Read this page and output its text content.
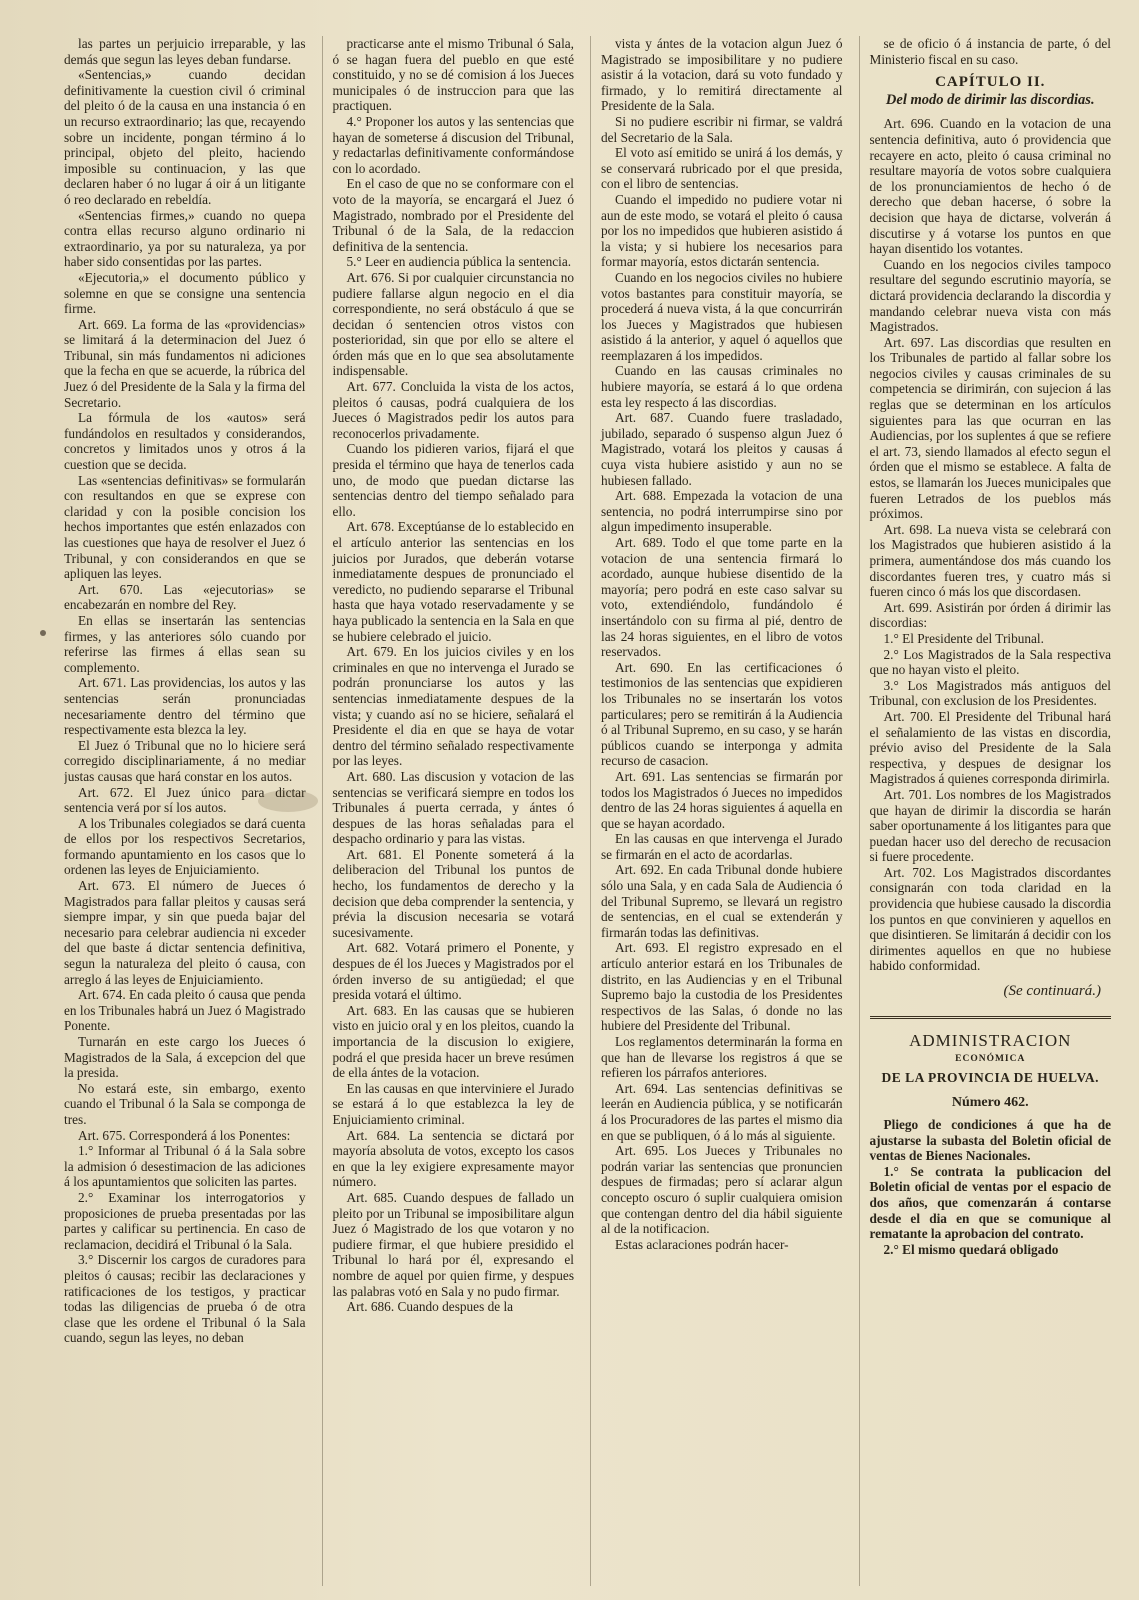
las partes un perjuicio irreparable, y las demás que segun las leyes deban fundarse.

«Sentencias,» cuando decidan definitivamente la cuestion civil ó criminal del pleito ó de la causa en una instancia ó en un recurso extraordinario; las que, recayendo sobre un incidente, pongan término á lo principal, objeto del pleito, haciendo imposible su continuacion, y las que declaren haber ó no lugar á oir á un litigante ó reo declarado en rebeldía.

«Sentencias firmes,» cuando no quepa contra ellas recurso alguno ordinario ni extraordinario, ya por su naturaleza, ya por haber sido consentidas por las partes.

«Ejecutoria,» el documento público y solemne en que se consigne una sentencia firme.

Art. 669. La forma de las «providencias» se limitará á la determinacion del Juez ó Tribunal, sin más fundamentos ni adiciones que la fecha en que se acuerde, la rúbrica del Juez ó del Presidente de la Sala y la firma del Secretario.

La fórmula de los «autos» será fundándolos en resultados y considerandos, concretos y limitados unos y otros á la cuestion que se decida.

Las «sentencias definitivas» se formularán con resultandos en que se exprese con claridad y con la posible concision los hechos importantes que estén enlazados con las cuestiones que haya de resolver el Juez ó Tribunal, y con considerandos en que se apliquen las leyes.

Art. 670. Las «ejecutorias» se encabezarán en nombre del Rey.

En ellas se insertarán las sentencias firmes, y las anteriores sólo cuando por referirse las firmes á ellas sean su complemento.

Art. 671. Las providencias, los autos y las sentencias serán pronunciadas necesariamente dentro del término que respectivamente esta blezca la ley.

El Juez ó Tribunal que no lo hiciere será corregido disciplinariamente, á no mediar justas causas que hará constar en los autos.

Art. 672. El Juez único para dictar sentencia verá por sí los autos.

A los Tribunales colegiados se dará cuenta de ellos por los respectivos Secretarios, formando apuntamiento en los casos que lo ordenen las leyes de Enjuiciamiento.

Art. 673. El número de Jueces ó Magistrados para fallar pleitos y causas será siempre impar, y sin que pueda bajar del necesario para celebrar audiencia ni exceder del que baste á dictar sentencia definitiva, segun la naturaleza del pleito ó causa, con arreglo á las leyes de Enjuiciamiento.

Art. 674. En cada pleito ó causa que penda en los Tribunales habrá un Juez ó Magistrado Ponente.

Turnarán en este cargo los Jueces ó Magistrados de la Sala, á excepcion del que la presida.

No estará este, sin embargo, exento cuando el Tribunal ó la Sala se componga de tres.

Art. 675. Corresponderá á los Ponentes:

1.° Informar al Tribunal ó á la Sala sobre la admision ó desestimacion de las adiciones á los apuntamientos que soliciten las partes.

2.° Examinar los interrogatorios y proposiciones de prueba presentadas por las partes y calificar su pertinencia. En caso de reclamacion, decidirá el Tribunal ó la Sala.

3.° Discernir los cargos de curadores para pleitos ó causas; recibir las declaraciones y ratificaciones de los testigos, y practicar todas las diligencias de prueba ó de otra clase que les ordene el Tribunal ó la Sala cuando, segun las leyes, no deban

practicarse ante el mismo Tribunal ó Sala, ó se hagan fuera del pueblo en que esté constituido, y no se dé comision á los Jueces municipales ó de instruccion para que las practiquen.

4.° Proponer los autos y las sentencias que hayan de someterse á discusion del Tribunal, y redactarlas definitivamente conformándose con lo acordado.

En el caso de que no se conformare con el voto de la mayoría, se encargará el Juez ó Magistrado, nombrado por el Presidente del Tribunal ó de la Sala, de la redaccion definitiva de la sentencia.

5.° Leer en audiencia pública la sentencia.

Art. 676. Si por cualquier circunstancia no pudiere fallarse algun negocio en el dia correspondiente, no será obstáculo á que se decidan ó sentencien otros vistos con posterioridad, sin que por ello se altere el órden más que en lo que sea absolutamente indispensable.

Art. 677. Concluida la vista de los actos, pleitos ó causas, podrá cualquiera de los Jueces ó Magistrados pedir los autos para reconocerlos privadamente.

Cuando los pidieren varios, fijará el que presida el término que haya de tenerlos cada uno, de modo que puedan dictarse las sentencias dentro del tiempo señalado para ello.

Art. 678. Exceptúanse de lo establecido en el artículo anterior las sentencias en los juicios por Jurados, que deberán votarse inmediatamente despues de pronunciado el veredicto, no pudiendo separarse el Tribunal hasta que haya votado reservadamente y se haya publicado la sentencia en la Sala en que se hubiere celebrado el juicio.

Art. 679. En los juicios civiles y en los criminales en que no intervenga el Jurado se podrán pronunciarse los autos y las sentencias inmediatamente despues de la vista; y cuando así no se hiciere, señalará el Presidente el dia en que se haya de votar dentro del término señalado respectivamente por las leyes.

Art. 680. Las discusion y votacion de las sentencias se verificará siempre en todos los Tribunales á puerta cerrada, y ántes ó despues de las horas señaladas para el despacho ordinario y para las vistas.

Art. 681. El Ponente someterá á la deliberacion del Tribunal los puntos de hecho, los fundamentos de derecho y la decision que deba comprender la sentencia, y prévia la discusion necesaria se votará sucesivamente.

Art. 682. Votará primero el Ponente, y despues de él los Jueces y Magistrados por el órden inverso de su antigüedad; el que presida votará el último.

Art. 683. En las causas que se hubieren visto en juicio oral y en los pleitos, cuando la importancia de la discusion lo exigiere, podrá el que presida hacer un breve resúmen de ella ántes de la votacion.

En las causas en que interviniere el Jurado se estará á lo que establezca la ley de Enjuiciamiento criminal.

Art. 684. La sentencia se dictará por mayoría absoluta de votos, excepto los casos en que la ley exigiere expresamente mayor número.

Art. 685. Cuando despues de fallado un pleito por un Tribunal se imposibilitare algun Juez ó Magistrado de los que votaron y no pudiere firmar, el que hubiere presidido el Tribunal lo hará por él, expresando el nombre de aquel por quien firme, y despues las palabras votó en Sala y no pudo firmar.

Art. 686. Cuando despues de la

vista y ántes de la votacion algun Juez ó Magistrado se imposibilitare y no pudiere asistir á la votacion, dará su voto fundado y firmado, y lo remitirá directamente al Presidente de la Sala.

Si no pudiere escribir ni firmar, se valdrá del Secretario de la Sala.

El voto así emitido se unirá á los demás, y se conservará rubricado por el que presida, con el libro de sentencias.

Cuando el impedido no pudiere votar ni aun de este modo, se votará el pleito ó causa por los no impedidos que hubieren asistido á la vista; y si hubiere los necesarios para formar mayoría, estos dictarán sentencia.

Cuando en los negocios civiles no hubiere votos bastantes para constituir mayoría, se procederá á nueva vista, á la que concurrirán los Jueces y Magistrados que hubiesen asistido á la anterior, y aquel ó aquellos que reemplazaren á los impedidos.

Cuando en las causas criminales no hubiere mayoría, se estará á lo que ordena esta ley respecto á las discordias.

Art. 687. Cuando fuere trasladado, jubilado, separado ó suspenso algun Juez ó Magistrado, votará los pleitos y causas á cuya vista hubiere asistido y aun no se hubiesen fallado.

Art. 688. Empezada la votacion de una sentencia, no podrá interrumpirse sino por algun impedimento insuperable.

Art. 689. Todo el que tome parte en la votacion de una sentencia firmará lo acordado, aunque hubiese disentido de la mayoría; pero podrá en este caso salvar su voto, extendiéndolo, fundándolo é insertándolo con su firma al pié, dentro de las 24 horas siguientes, en el libro de votos reservados.

Art. 690. En las certificaciones ó testimonios de las sentencias que expidieren los Tribunales no se insertarán los votos particulares; pero se remitirán á la Audiencia ó al Tribunal Supremo, en su caso, y se harán públicos cuando se interponga y admita recurso de casacion.

Art. 691. Las sentencias se firmarán por todos los Magistrados ó Jueces no impedidos dentro de las 24 horas siguientes á aquella en que se hayan acordado.

En las causas en que intervenga el Jurado se firmarán en el acto de acordarlas.

Art. 692. En cada Tribunal donde hubiere sólo una Sala, y en cada Sala de Audiencia ó del Tribunal Supremo, se llevará un registro de sentencias, en el cual se extenderán y firmarán todas las definitivas.

Art. 693. El registro expresado en el artículo anterior estará en los Tribunales de distrito, en las Audiencias y en el Tribunal Supremo bajo la custodia de los Presidentes respectivos de las Salas, ó donde no las hubiere del Presidente del Tribunal.

Los reglamentos determinarán la forma en que han de llevarse los registros á que se refieren los párrafos anteriores.

Art. 694. Las sentencias definitivas se leerán en Audiencia pública, y se notificarán á los Procuradores de las partes el mismo dia en que se publiquen, ó á lo más al siguiente.

Art. 695. Los Jueces y Tribunales no podrán variar las sentencias que pronuncien despues de firmadas; pero sí aclarar algun concepto oscuro ó suplir cualquiera omision que contengan dentro del dia hábil siguiente al de la notificacion.

Estas aclaraciones podrán hacer-

se de oficio ó á instancia de parte, ó del Ministerio fiscal en su caso.

CAPÍTULO II.
Del modo de dirimir las discordias.

Art. 696. Cuando en la votacion de una sentencia definitiva, auto ó providencia que recayere en acto, pleito ó causa criminal no resultare mayoría de votos sobre cualquiera de los pronunciamientos de hecho ó de derecho que deban hacerse, ó sobre la decision que haya de dictarse, volverán á discutirse y á votarse los puntos en que hayan disentido los votantes.

Cuando en los negocios civiles tampoco resultare del segundo escrutinio mayoría, se dictará providencia declarando la discordia y mandando celebrar nueva vista con más Magistrados.

Art. 697. Las discordias que resulten en los Tribunales de partido al fallar sobre los negocios civiles y causas criminales de su competencia se dirimirán, con sujecion á las reglas que se determinan en los artículos siguientes para las que ocurran en las Audiencias, por los suplentes á que se refiere el art. 73, siendo llamados al efecto segun el órden que el mismo se establece. A falta de estos, se llamarán los Jueces municipales que fueren Letrados de los pueblos más próximos.

Art. 698. La nueva vista se celebrará con los Magistrados que hubieren asistido á la primera, aumentándose dos más cuando los discordantes fueren tres, y cuatro más si fueren cinco ó más los que discordasen.

Art. 699. Asistirán por órden á dirimir las discordias:

1.° El Presidente del Tribunal.

2.° Los Magistrados de la Sala respectiva que no hayan visto el pleito.

3.° Los Magistrados más antiguos del Tribunal, con exclusion de los Presidentes.

Art. 700. El Presidente del Tribunal hará el señalamiento de las vistas en discordia, prévio aviso del Presidente de la Sala respectiva, y despues de designar los Magistrados á quienes corresponda dirimirla.

Art. 701. Los nombres de los Magistrados que hayan de dirimir la discordia se harán saber oportunamente á los litigantes para que puedan hacer uso del derecho de recusacion si fuere procedente.

Art. 702. Los Magistrados discordantes consignarán con toda claridad en la providencia que hubiese causado la discordia los puntos en que convinieren y aquellos en que disintieren. Se limitarán á decidir con los dirimentes aquellos en que no hubiese habido conformidad.

(Se continuará.)
ADMINISTRACION
ECONÓMICA
DE LA PROVINCIA DE HUELVA.
Número 462.

Pliego de condiciones á que ha de ajustarse la subasta del Boletin oficial de ventas de Bienes Nacionales.

1.° Se contrata la publicacion del Boletin oficial de ventas por el espacio de dos años, que comenzarán á contarse desde el dia en que se comunique al rematante la aprobacion del contrato.

2.° El mismo quedará obligado
